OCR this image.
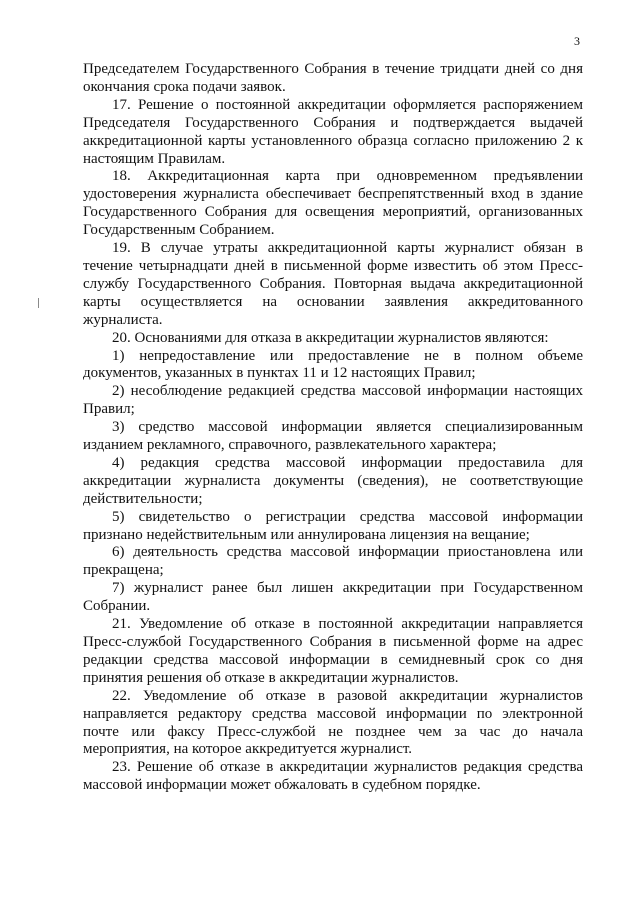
3

Председателем Государственного Собрания в течение тридцати дней со дня окончания срока подачи заявок.

17. Решение о постоянной аккредитации оформляется распоряжением Председателя Государственного Собрания и подтверждается выдачей аккредитационной карты установленного образца согласно приложению 2 к настоящим Правилам.

18. Аккредитационная карта при одновременном предъявлении удостоверения журналиста обеспечивает беспрепятственный вход в здание Государственного Собрания для освещения мероприятий, организованных Государственным Собранием.

19. В случае утраты аккредитационной карты журналист обязан в течение четырнадцати дней в письменной форме известить об этом Пресс-службу Государственного Собрания. Повторная выдача аккредитационной карты осуществляется на основании заявления аккредитованного журналиста.

20. Основаниями для отказа в аккредитации журналистов являются:

1) непредоставление или предоставление не в полном объеме документов, указанных в пунктах 11 и 12 настоящих Правил;

2) несоблюдение редакцией средства массовой информации настоящих Правил;

3) средство массовой информации является специализированным изданием рекламного, справочного, развлекательного характера;

4) редакция средства массовой информации предоставила для аккредитации журналиста документы (сведения), не соответствующие действительности;

5) свидетельство о регистрации средства массовой информации признано недействительным или аннулирована лицензия на вещание;

6) деятельность средства массовой информации приостановлена или прекращена;

7) журналист ранее был лишен аккредитации при Государственном Собрании.

21. Уведомление об отказе в постоянной аккредитации направляется Пресс-службой Государственного Собрания в письменной форме на адрес редакции средства массовой информации в семидневный срок со дня принятия решения об отказе в аккредитации журналистов.

22. Уведомление об отказе в разовой аккредитации журналистов направляется редактору средства массовой информации по электронной почте или факсу Пресс-службой не позднее чем за час до начала мероприятия, на которое аккредитуется журналист.

23. Решение об отказе в аккредитации журналистов редакция средства массовой информации может обжаловать в судебном порядке.
